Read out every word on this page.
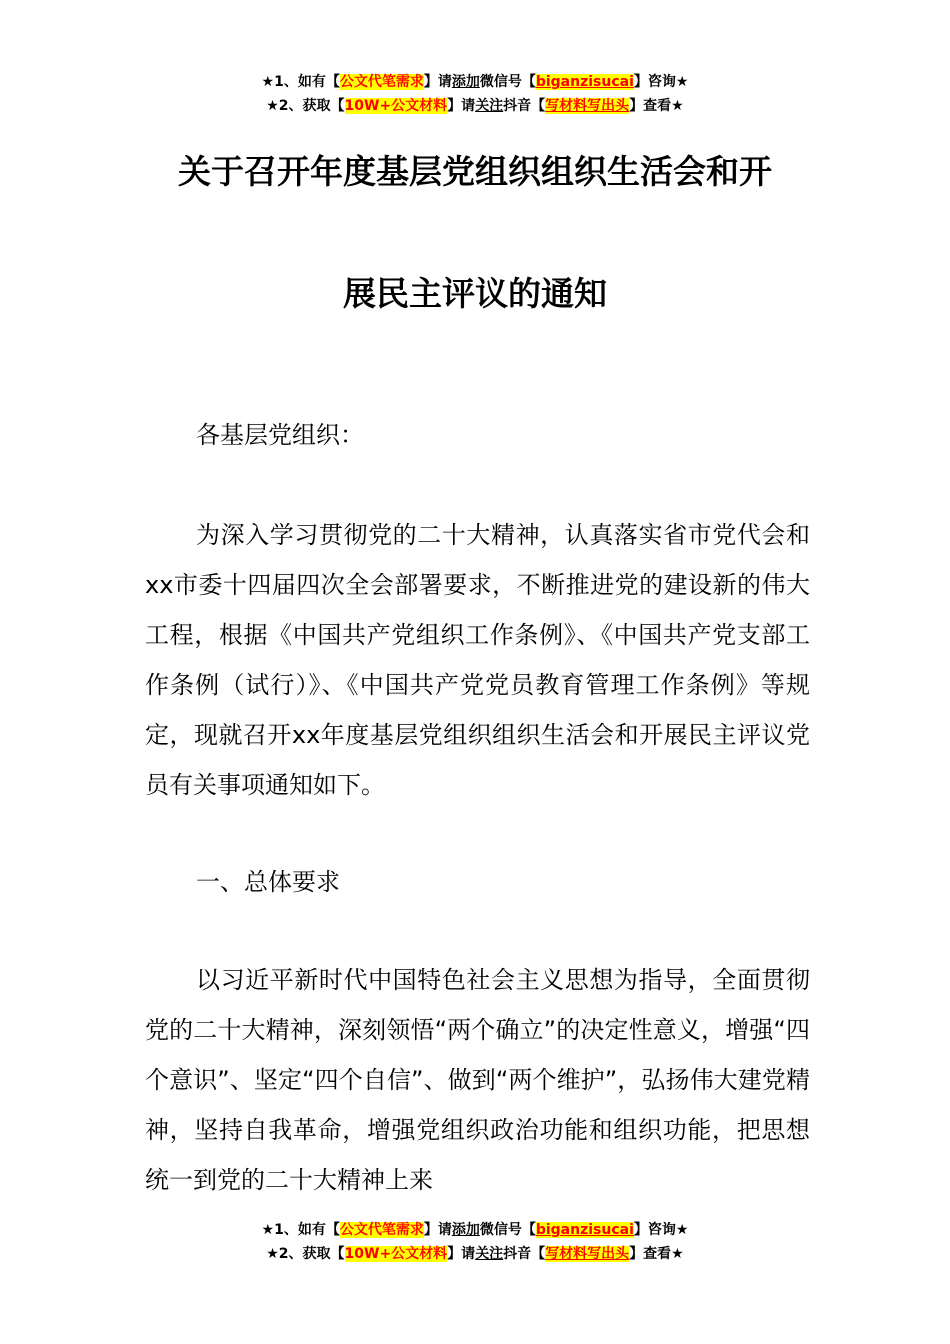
★1、如有【公文代笔需求】请添加微信号【biganzisucai】咨询★
★2、获取【10W+公文材料】请关注抖音【写材料写出头】查看★
关于召开年度基层党组织组织生活会和开
展民主评议的通知

各基层党组织：

为深入学习贯彻党的二十大精神，认真落实省市党代会和xx市委十四届四次全会部署要求，不断推进党的建设新的伟大工程，根据《中国共产党组织工作条例》、《中国共产党支部工作条例（试行）》、《中国共产党党员教育管理工作条例》等规定，现就召开xx年度基层党组织组织生活会和开展民主评议党员有关事项通知如下。

一、总体要求

以习近平新时代中国特色社会主义思想为指导，全面贯彻党的二十大精神，深刻领悟“两个确立”的决定性意义，增强“四个意识”、坚定“四个自信”、做到“两个维护”，弘扬伟大建党精神，坚持自我革命，增强党组织政治功能和组织功能，把思想统一到党的二十大精神上来

★1、如有【公文代笔需求】请添加微信号【biganzisucai】咨询★
★2、获取【10W+公文材料】请关注抖音【写材料写出头】查看★
